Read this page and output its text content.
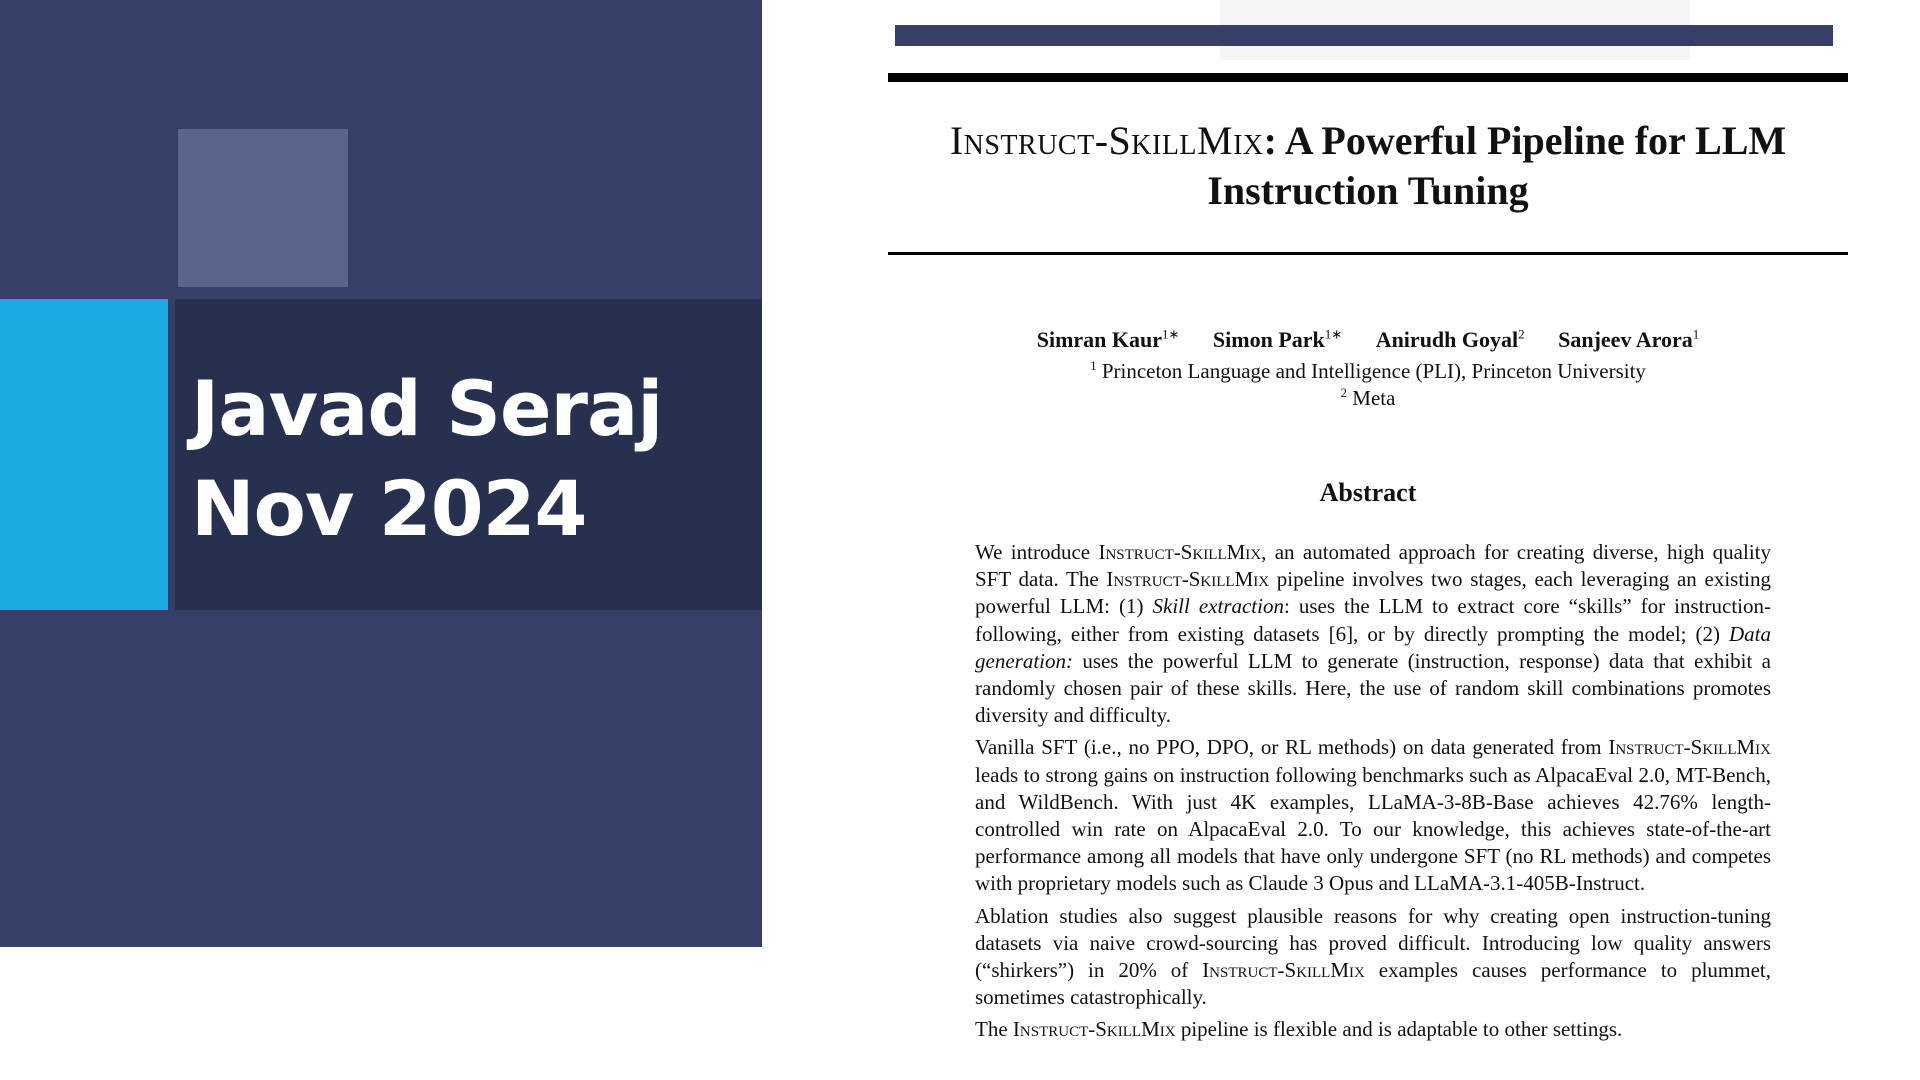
Javad Seraj
Nov 2024
Instruct-SkillMix: A Powerful Pipeline for LLM
Instruction Tuning
Simran Kaur$^{1∗}$ Simon Park$^{1∗}$ Anirudh Goyal$^2$ Sanjeev Arora$^1$
$^1$ Princeton Language and Intelligence (PLI), Princeton University
$^2$ Meta
Abstract

We introduce Instruct-SkillMix, an automated approach for creating diverse, high quality SFT data. The Instruct-SkillMix pipeline involves two stages, each leveraging an existing powerful LLM: (1) Skill extraction: uses the LLM to extract core “skills” for instruction-following, either from existing datasets [6], or by directly prompting the model; (2) Data generation: uses the powerful LLM to generate (instruction, response) data that exhibit a randomly chosen pair of these skills. Here, the use of random skill combinations promotes diversity and difficulty.

Vanilla SFT (i.e., no PPO, DPO, or RL methods) on data generated from Instruct-SkillMix leads to strong gains on instruction following benchmarks such as AlpacaEval 2.0, MT-Bench, and WildBench. With just 4K examples, LLaMA-3-8B-Base achieves 42.76% length-controlled win rate on AlpacaEval 2.0. To our knowledge, this achieves state-of-the-art performance among all models that have only undergone SFT (no RL methods) and competes with proprietary models such as Claude 3 Opus and LLaMA-3.1-405B-Instruct.

Ablation studies also suggest plausible reasons for why creating open instruction-tuning datasets via naive crowd-sourcing has proved difficult. Introducing low quality answers (“shirkers”) in 20% of Instruct-SkillMix examples causes performance to plummet, sometimes catastrophically.

The Instruct-SkillMix pipeline is flexible and is adaptable to other settings.
